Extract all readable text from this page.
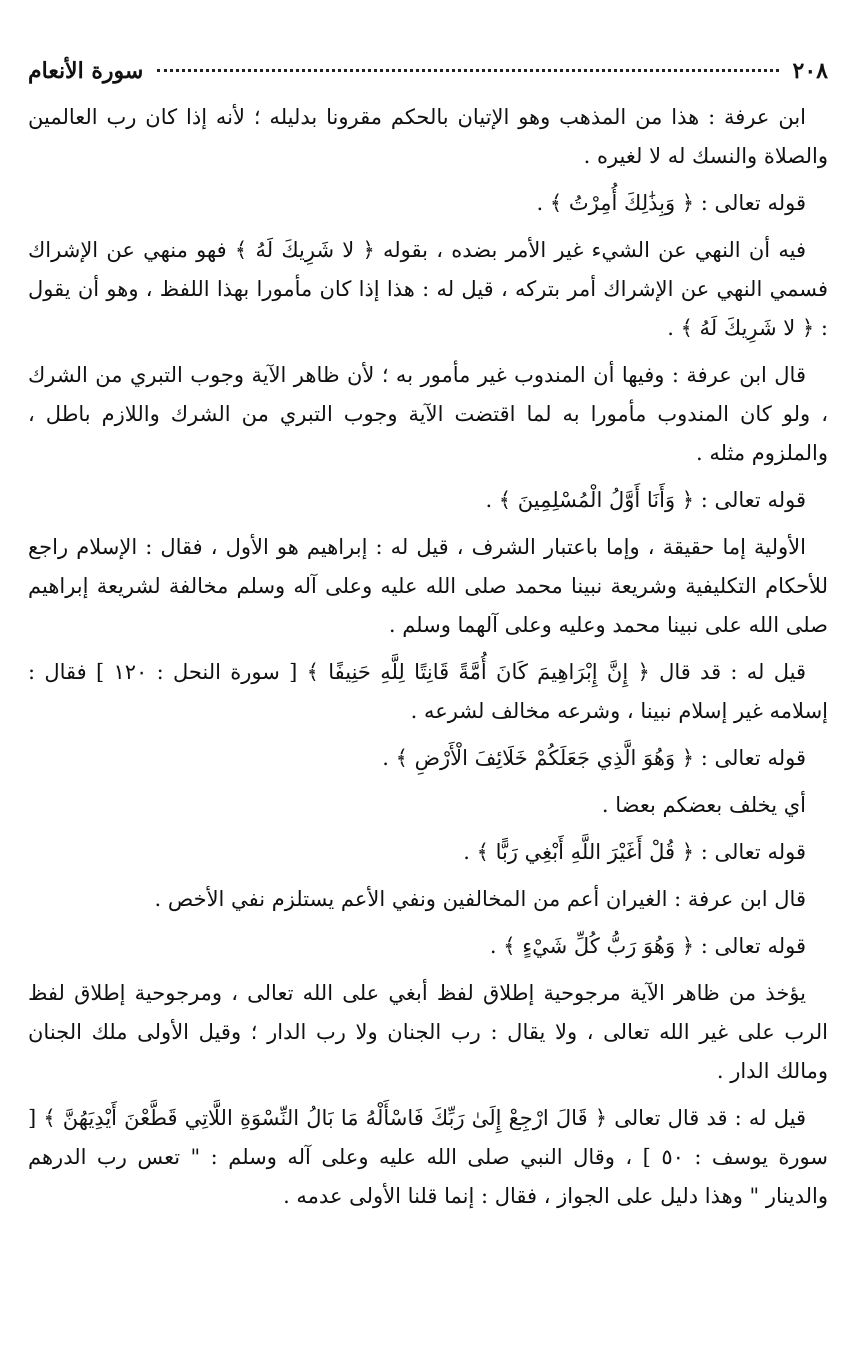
٢٠٨
سورة الأنعام

ابن عرفة : هذا من المذهب وهو الإتيان بالحكم مقرونا بدليله ؛ لأنه إذا كان رب العالمين والصلاة والنسك له لا لغيره .

قوله تعالى : ﴿ وَبِذَٰلِكَ أُمِرْتُ ﴾ .

فيه أن النهي عن الشيء غير الأمر بضده ، بقوله ﴿ لا شَرِيكَ لَهُ ﴾ فهو منهي عن الإشراك فسمي النهي عن الإشراك أمر بتركه ، قيل له : هذا إذا كان مأمورا بهذا اللفظ ، وهو أن يقول : ﴿ لا شَرِيكَ لَهُ ﴾ .

قال ابن عرفة : وفيها أن المندوب غير مأمور به ؛ لأن ظاهر الآية وجوب التبري من الشرك ، ولو كان المندوب مأمورا به لما اقتضت الآية وجوب التبري من الشرك واللازم باطل ، والملزوم مثله .

قوله تعالى : ﴿ وَأَنَا أَوَّلُ الْمُسْلِمِينَ ﴾ .

الأولية إما حقيقة ، وإما باعتبار الشرف ، قيل له : إبراهيم هو الأول ، فقال : الإسلام راجع للأحكام التكليفية وشريعة نبينا محمد صلى الله عليه وعلى آله وسلم مخالفة لشريعة إبراهيم صلى الله على نبينا محمد وعليه وعلى آلهما وسلم .

قيل له : قد قال ﴿ إِنَّ إِبْرَاهِيمَ كَانَ أُمَّةً قَانِتًا لِلَّهِ حَنِيفًا ﴾ [ سورة النحل : ١٢٠ ] فقال : إسلامه غير إسلام نبينا ، وشرعه مخالف لشرعه .

قوله تعالى : ﴿ وَهُوَ الَّذِي جَعَلَكُمْ خَلَائِفَ الْأَرْضِ ﴾ .

أي يخلف بعضكم بعضا .

قوله تعالى : ﴿ قُلْ أَغَيْرَ اللَّهِ أَبْغِي رَبًّا ﴾ .

قال ابن عرفة : الغيران أعم من المخالفين ونفي الأعم يستلزم نفي الأخص .

قوله تعالى : ﴿ وَهُوَ رَبُّ كُلِّ شَيْءٍ ﴾ .

يؤخذ من ظاهر الآية مرجوحية إطلاق لفظ أبغي على الله تعالى ، ومرجوحية إطلاق لفظ الرب على غير الله تعالى ، ولا يقال : رب الجنان ولا رب الدار ؛ وقيل الأولى ملك الجنان ومالك الدار .

قيل له : قد قال تعالى ﴿ قَالَ ارْجِعْ إِلَىٰ رَبِّكَ فَاسْأَلْهُ مَا بَالُ النِّسْوَةِ اللَّاتِي قَطَّعْنَ أَيْدِيَهُنَّ ﴾ [ سورة يوسف : ٥٠ ] ، وقال النبي صلى الله عليه وعلى آله وسلم : " تعس رب الدرهم والدينار " وهذا دليل على الجواز ، فقال : إنما قلنا الأولى عدمه .
